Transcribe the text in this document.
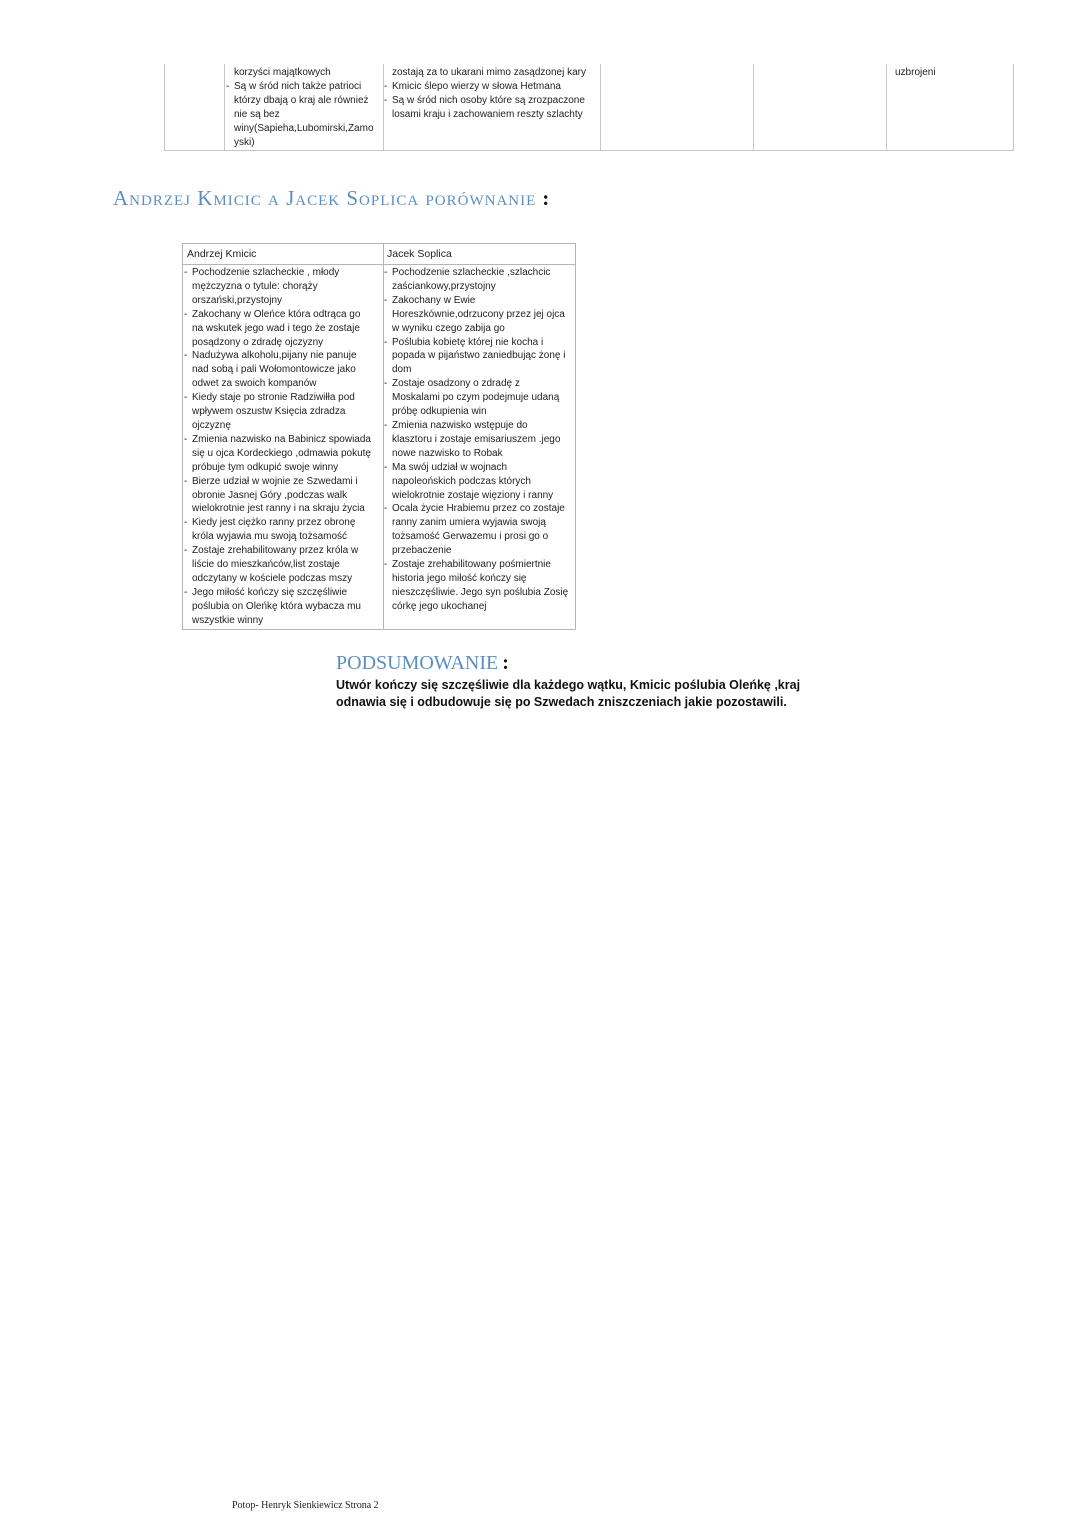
korzyści majątkowych
- Są w śród nich także patrioci
którzy dbają o kraj ale również
nie są bez
winy(Sapieha,Lubomirski,Zamo
yski)
zostają za to ukarani mimo zasądzonej kary
- Kmicic ślepo wierzy w słowa Hetmana
- Są w śród nich osoby które są zrozpaczone
losami kraju i zachowaniem reszty szlachty
uzbrojeni
Andrzej Kmicic a Jacek Soplica porównanie :
Andrzej Kmicic	Jacek Soplica
- Pochodzenie szlacheckie , młody
mężczyzna o tytule: chorąży
orszański,przystojny
- Zakochany w Oleńce która odtrąca go
na wskutek jego wad i tego że zostaje
posądzony o zdradę ojczyzny
- Nadużywa alkoholu,pijany nie panuje
nad sobą i pali Wołomontowicze jako
odwet za swoich kompanów
- Kiedy staje po stronie Radziwiłła pod
wpływem oszustw Księcia zdradza
ojczyznę
- Zmienia nazwisko na Babinicz spowiada
się u ojca Kordeckiego ,odmawia pokutę
próbuje tym odkupić swoje winny
- Bierze udział w wojnie ze Szwedami i
obronie Jasnej Góry ,podczas walk
wielokrotnie jest ranny i na skraju życia
- Kiedy jest ciężko ranny przez obronę
króla wyjawia mu swoją tożsamość
- Zostaje zrehabilitowany przez króla w
liście do mieszkańców,list zostaje
odczytany w kościele podczas mszy
- Jego miłość kończy się szczęśliwie
poślubia on Oleńkę która wybacza mu
wszystkie winny
- Pochodzenie szlacheckie ,szlachcic
zaściankowy,przystojny
- Zakochany w Ewie
Horeszkównie,odrzucony przez jej ojca
w wyniku czego zabija go
- Poślubia kobietę której nie kocha i
popada w pijaństwo zaniedbując żonę i
dom
- Zostaje osadzony o zdradę z
Moskalami po czym podejmuje udaną
próbę odkupienia win
- Zmienia nazwisko wstępuje do
klasztoru i zostaje emisariuszem .jego
nowe nazwisko to Robak
- Ma swój udział w wojnach
napoleońskich podczas których
wielokrotnie zostaje więziony i ranny
- Ocala życie Hrabiemu przez co zostaje
ranny zanim umiera wyjawia swoją
tożsamość Gerwazemu i prosi go o
przebaczenie
- Zostaje zrehabilitowany pośmiertnie
historia jego miłość kończy się
nieszczęśliwie. Jego syn poślubia Zosię
córkę jego ukochanej
PODSUMOWANIE :
Utwór kończy się szczęśliwie dla każdego wątku, Kmicic poślubia Oleńkę ,kraj odnawia się i odbudowuje się po Szwedach zniszczeniach jakie pozostawili.
Potop- Henryk Sienkiewicz Strona 2
